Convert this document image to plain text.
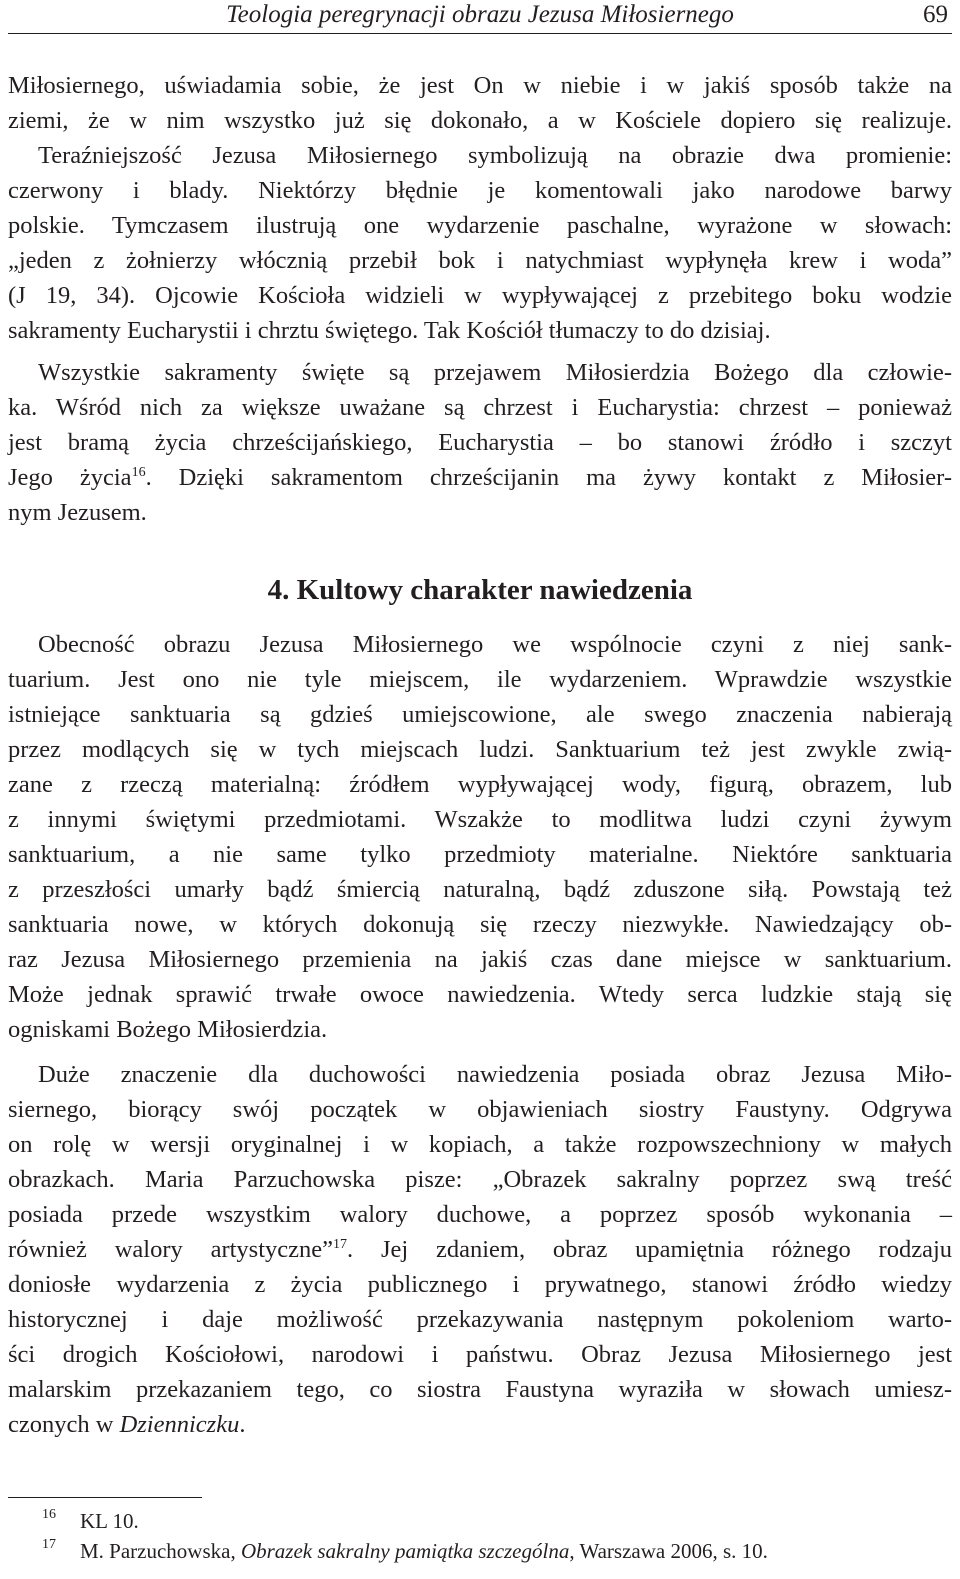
Teologia peregrynacji obrazu Jezusa Miłosiernego	69
Miłosiernego, uświadamia sobie, że jest On w niebie i w jakiś sposób także na
ziemi, że w nim wszystko już się dokonało, a w Kościele dopiero się realizuje.
Teraźniejszość Jezusa Miłosiernego symbolizują na obrazie dwa promienie:
czerwony i blady. Niektórzy błędnie je komentowali jako narodowe barwy
polskie. Tymczasem ilustrują one wydarzenie paschalne, wyrażone w słowach:
„jeden z żołnierzy włócznią przebił bok i natychmiast wypłynęła krew i woda”
(J 19, 34). Ojcowie Kościoła widzieli w wypływającej z przebitego boku wodzie
sakramenty Eucharystii i chrztu świętego. Tak Kościół tłumaczy to do dzisiaj.
Wszystkie sakramenty święte są przejawem Miłosierdzia Bożego dla człowie-
ka. Wśród nich za większe uważane są chrzest i Eucharystia: chrzest – ponieważ
jest bramą życia chrześcijańskiego, Eucharystia – bo stanowi źródło i szczyt
Jego życia$^{16}$. Dzięki sakramentom chrześcijanin ma żywy kontakt z Miłosier-
nym Jezusem.
4. Kultowy charakter nawiedzenia
Obecność obrazu Jezusa Miłosiernego we wspólnocie czyni z niej sank-
tuarium. Jest ono nie tyle miejscem, ile wydarzeniem. Wprawdzie wszystkie
istniejące sanktuaria są gdzieś umiejscowione, ale swego znaczenia nabierają
przez modlących się w tych miejscach ludzi. Sanktuarium też jest zwykle zwią-
zane z rzeczą materialną: źródłem wypływającej wody, figurą, obrazem, lub
z innymi świętymi przedmiotami. Wszakże to modlitwa ludzi czyni żywym
sanktuarium, a nie same tylko przedmioty materialne. Niektóre sanktuaria
z przeszłości umarły bądź śmiercią naturalną, bądź zduszone siłą. Powstają też
sanktuaria nowe, w których dokonują się rzeczy niezwykłe. Nawiedzający ob-
raz Jezusa Miłosiernego przemienia na jakiś czas dane miejsce w sanktuarium.
Może jednak sprawić trwałe owoce nawiedzenia. Wtedy serca ludzkie stają się
ogniskami Bożego Miłosierdzia.
Duże znaczenie dla duchowości nawiedzenia posiada obraz Jezusa Miło-
siernego, biorący swój początek w objawieniach siostry Faustyny. Odgrywa
on rolę w wersji oryginalnej i w kopiach, a także rozpowszechniony w małych
obrazkach. Maria Parzuchowska pisze: „Obrazek sakralny poprzez swą treść
posiada przede wszystkim walory duchowe, a poprzez sposób wykonania –
również walory artystyczne”$^{17}$. Jej zdaniem, obraz upamiętnia różnego rodzaju
doniosłe wydarzenia z życia publicznego i prywatnego, stanowi źródło wiedzy
historycznej i daje możliwość przekazywania następnym pokoleniom warto-
ści drogich Kościołowi, narodowi i państwu. Obraz Jezusa Miłosiernego jest
malarskim przekazaniem tego, co siostra Faustyna wyraziła w słowach umiesz-
czonych w Dzienniczku.
16 KL 10.
17 M. Parzuchowska, Obrazek sakralny pamiątka szczególna, Warszawa 2006, s. 10.
